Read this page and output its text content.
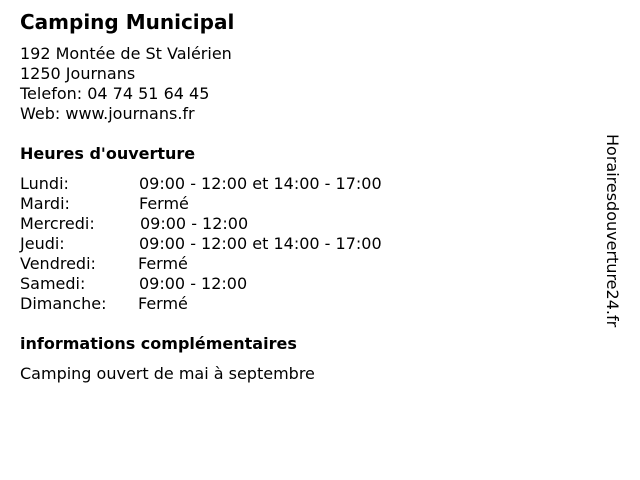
Camping Municipal
192 Montée de St Valérien
1250 Journans
Telefon: 04 74 51 64 45
Web: www.journans.fr
Heures d'ouverture
Lundi:	09:00 - 12:00 et 14:00 - 17:00
Mardi:	Fermé
Mercredi:	09:00 - 12:00
Jeudi:	09:00 - 12:00 et 14:00 - 17:00
Vendredi:	Fermé
Samedi:	09:00 - 12:00
Dimanche: Fermé
informations complémentaires
Camping ouvert de mai à septembre
Horairesdouverture24.fr
